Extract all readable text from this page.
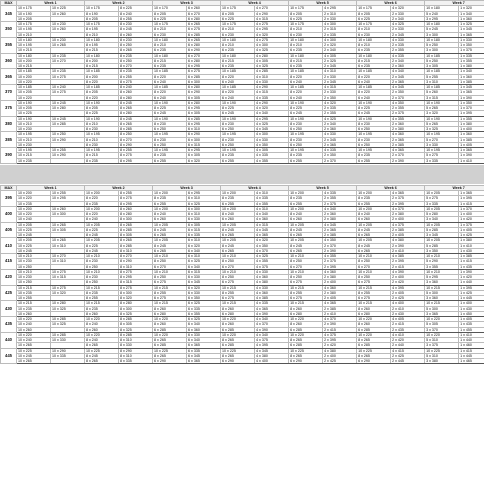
MAX	Week 1		Week 2		Week 3		Week 4		Week 5		Week 6		Week 7	
345	10 x 175	10 x 225	10 x 175	8 x 225	10 x 170	6 x 260	10 x 175	4 x 270	10 x 175	4 x 295	10 x 175	4 x 320	10 x 180	1 x 320
	10 x 190	10 x 260	8 x 190	8 x 240	8 x 205	6 x 270	8 x 205	4 x 290	8 x 205	2 x 310	8 x 205	2 x 330	5 x 240	1 x 340
	10 x 205		8 x 205	8 x 255	6 x 225	6 x 280	6 x 225	4 x 315	6 x 225	2 x 330	6 x 225	2 x 340	3 x 295	1 x 360
350	10 x 175	10 x 230	10 x 175	8 x 230	10 x 175	6 x 265	10 x 175	4 x 275	10 x 175	4 x 300	10 x 175	4 x 325	10 x 180	1 x 325
	10 x 195	10 x 260	8 x 195	8 x 245	8 x 210	6 x 275	8 x 210	4 x 295	8 x 210	2 x 315	8 x 210	2 x 330	5 x 245	1 x 345
	10 x 210		8 x 210	8 x 260	6 x 230	6 x 285	6 x 230	4 x 320	6 x 230	2 x 335	6 x 230	2 x 345	3 x 300	1 x 365
355	10 x 180	10 x 230	10 x 180	8 x 230	10 x 180	6 x 265	10 x 180	4 x 275	10 x 180	4 x 300	10 x 180	4 x 330	10 x 180	1 x 330
	10 x 195	10 x 265	8 x 195	8 x 250	8 x 210	6 x 280	8 x 210	4 x 300	8 x 210	2 x 320	8 x 210	2 x 335	5 x 250	1 x 350
	10 x 215		8 x 215	8 x 265	6 x 235	6 x 290	6 x 235	4 x 325	6 x 235	2 x 340	6 x 235	2 x 355	3 x 300	1 x 375
360	10 x 180	10 x 235	10 x 180	8 x 235	10 x 180	6 x 270	10 x 180	4 x 280	10 x 180	4 x 305	10 x 180	4 x 335	10 x 185	1 x 335
	10 x 200	10 x 270	8 x 200	8 x 250	8 x 215	6 x 280	8 x 215	4 x 305	8 x 215	2 x 325	8 x 215	2 x 340	5 x 250	1 x 355
	10 x 215		8 x 215	8 x 270	6 x 235	6 x 295	6 x 235	4 x 325	6 x 235	2 x 345	6 x 235	2 x 360	3 x 305	1 x 380
365	10 x 185	10 x 235	10 x 185	8 x 235	10 x 185	6 x 275	10 x 185	4 x 285	10 x 185	4 x 310	10 x 185	4 x 340	10 x 185	1 x 340
	10 x 200	10 x 275	8 x 200	8 x 255	8 x 220	6 x 285	8 x 220	4 x 310	8 x 220	2 x 330	8 x 220	2 x 345	5 x 255	1 x 360
	10 x 220		8 x 220	8 x 275	6 x 240	6 x 300	6 x 240	4 x 330	6 x 240	2 x 345	6 x 240	2 x 365	3 x 310	1 x 385
370	10 x 185	10 x 240	10 x 185	8 x 240	10 x 185	6 x 280	10 x 185	4 x 290	10 x 185	4 x 315	10 x 185	4 x 345	10 x 185	1 x 345
	10 x 205	10 x 275	8 x 205	8 x 260	8 x 220	6 x 290	8 x 220	4 x 315	8 x 220	2 x 330	8 x 220	2 x 350	5 x 260	1 x 365
	10 x 220		8 x 220	8 x 280	6 x 240	6 x 305	6 x 240	4 x 335	6 x 240	2 x 350	6 x 240	2 x 370	3 x 315	1 x 390
375	10 x 190	10 x 245	10 x 190	8 x 245	10 x 190	6 x 280	10 x 190	4 x 290	10 x 190	4 x 320	10 x 190	4 x 350	10 x 190	1 x 350
	10 x 205	10 x 280	8 x 205	8 x 265	8 x 225	6 x 295	8 x 225	4 x 320	8 x 225	2 x 335	8 x 225	2 x 355	5 x 265	1 x 370
	10 x 225		8 x 225	8 x 280	6 x 245	6 x 305	6 x 245	4 x 340	6 x 245	2 x 355	6 x 245	2 x 375	3 x 320	1 x 395
380	10 x 190	10 x 245	10 x 190	8 x 245	10 x 190	6 x 285	10 x 190	4 x 295	10 x 190	4 x 325	10 x 190	4 x 355	10 x 190	1 x 355
	10 x 210	10 x 285	8 x 210	8 x 265	8 x 230	6 x 295	8 x 230	4 x 325	8 x 230	2 x 340	8 x 230	2 x 360	5 x 265	1 x 380
	10 x 230		8 x 230	8 x 285	6 x 250	6 x 310	6 x 250	4 x 345	6 x 250	2 x 360	6 x 250	2 x 380	3 x 325	1 x 400
385	10 x 195	10 x 250	10 x 195	8 x 250	10 x 195	6 x 290	10 x 195	4 x 300	10 x 195	4 x 330	10 x 195	4 x 360	10 x 195	1 x 360
	10 x 210	10 x 290	8 x 210	8 x 270	8 x 230	6 x 300	8 x 230	4 x 330	8 x 230	2 x 345	8 x 230	2 x 365	5 x 270	1 x 385
	10 x 230		8 x 230	8 x 290	6 x 250	6 x 315	6 x 250	4 x 350	6 x 250	2 x 365	6 x 250	2 x 385	3 x 330	1 x 405
390	10 x 195	10 x 255	10 x 195	8 x 255	10 x 195	6 x 295	10 x 195	4 x 305	10 x 195	4 x 335	10 x 195	4 x 365	10 x 195	1 x 365
	10 x 215	10 x 290	8 x 215	8 x 275	8 x 235	6 x 305	8 x 235	4 x 335	8 x 235	2 x 350	8 x 235	2 x 370	5 x 275	1 x 390
	10 x 235		8 x 235	8 x 295	6 x 255	6 x 320	6 x 255	4 x 355	6 x 255	2 x 370	6 x 255	2 x 390	3 x 335	1 x 410
MAX	Week 1		Week 2		Week 3		Week 4		Week 5		Week 6		Week 7	
395	10 x 200	10 x 255	10 x 200	8 x 255	10 x 200	6 x 295	10 x 200	4 x 310	10 x 200	4 x 335	10 x 200	4 x 365	10 x 205	1 x 365
	10 x 220	10 x 295	8 x 220	8 x 275	8 x 235	6 x 310	8 x 235	4 x 335	8 x 235	2 x 355	8 x 235	2 x 375	5 x 275	1 x 395
	10 x 235		8 x 235	8 x 295	6 x 255	6 x 325	6 x 255	4 x 355	6 x 255	2 x 375	6 x 255	2 x 395	3 x 335	1 x 415
400	10 x 200	10 x 260	10 x 200	8 x 260	10 x 200	6 x 300	10 x 200	4 x 310	10 x 200	4 x 340	10 x 200	4 x 370	10 x 205	1 x 370
	10 x 220	10 x 300	8 x 220	8 x 280	8 x 240	6 x 310	8 x 240	4 x 340	8 x 240	2 x 360	8 x 240	2 x 380	5 x 280	1 x 400
	10 x 240		8 x 240	8 x 300	6 x 260	6 x 330	6 x 260	4 x 360	6 x 260	2 x 380	6 x 260	2 x 400	3 x 340	1 x 420
405	10 x 205	10 x 265	10 x 205	8 x 265	10 x 205	6 x 305	10 x 205	4 x 315	10 x 205	4 x 345	10 x 205	4 x 375	10 x 205	1 x 375
	10 x 225	10 x 305	8 x 225	8 x 285	8 x 245	6 x 315	8 x 245	4 x 345	8 x 245	2 x 365	8 x 245	2 x 385	5 x 285	1 x 405
	10 x 245		8 x 245	8 x 305	6 x 265	6 x 335	6 x 265	4 x 365	6 x 265	2 x 385	6 x 265	2 x 405	3 x 345	1 x 425
410	10 x 205	10 x 265	10 x 205	8 x 265	10 x 205	6 x 310	10 x 205	4 x 320	10 x 205	4 x 350	10 x 205	4 x 380	10 x 205	1 x 380
	10 x 225	10 x 310	8 x 225	8 x 285	8 x 245	6 x 320	8 x 245	4 x 350	8 x 245	2 x 370	8 x 245	2 x 390	5 x 285	1 x 410
	10 x 245		8 x 245	8 x 310	6 x 265	6 x 340	6 x 265	4 x 370	6 x 265	2 x 390	6 x 265	2 x 410	3 x 350	1 x 430
415	10 x 210	10 x 270	10 x 210	8 x 270	10 x 210	6 x 310	10 x 210	4 x 325	10 x 210	4 x 355	10 x 210	4 x 385	10 x 210	1 x 385
	10 x 230	10 x 310	8 x 230	8 x 290	8 x 250	6 x 325	8 x 250	4 x 355	8 x 250	2 x 375	8 x 250	2 x 395	5 x 290	1 x 415
	10 x 250		8 x 250	8 x 310	6 x 270	6 x 340	6 x 270	4 x 375	6 x 270	2 x 395	6 x 270	2 x 415	3 x 355	1 x 435
420	10 x 210	10 x 275	10 x 210	8 x 275	10 x 210	6 x 315	10 x 210	4 x 330	10 x 210	4 x 360	10 x 210	4 x 390	10 x 210	1 x 390
	10 x 230	10 x 315	8 x 230	8 x 295	8 x 250	6 x 330	8 x 250	4 x 360	8 x 250	2 x 380	8 x 250	2 x 400	5 x 295	1 x 420
	10 x 250		8 x 250	8 x 315	6 x 275	6 x 345	6 x 275	4 x 380	6 x 275	2 x 400	6 x 275	2 x 420	3 x 360	1 x 440
425	10 x 215	10 x 275	10 x 215	8 x 275	10 x 215	6 x 320	10 x 215	4 x 330	10 x 215	4 x 360	10 x 215	4 x 395	10 x 215	1 x 395
	10 x 235	10 x 320	8 x 235	8 x 300	8 x 255	6 x 330	8 x 255	4 x 360	8 x 255	2 x 380	8 x 255	2 x 405	5 x 300	1 x 425
	10 x 255		8 x 255	8 x 320	6 x 275	6 x 350	6 x 275	4 x 385	6 x 275	2 x 405	6 x 275	2 x 425	3 x 360	1 x 445
430	10 x 215	10 x 280	10 x 215	8 x 280	10 x 215	6 x 325	10 x 215	4 x 335	10 x 215	4 x 365	10 x 215	4 x 400	10 x 215	1 x 400
	10 x 235	10 x 325	8 x 235	8 x 300	8 x 260	6 x 335	8 x 260	4 x 365	8 x 260	2 x 385	8 x 260	2 x 410	5 x 300	1 x 430
	10 x 260		8 x 260	8 x 325	6 x 280	6 x 355	6 x 280	4 x 390	6 x 280	2 x 410	6 x 280	2 x 430	3 x 365	1 x 450
435	10 x 220	10 x 285	10 x 220	8 x 285	10 x 220	6 x 325	10 x 220	4 x 340	10 x 220	4 x 370	10 x 220	4 x 405	10 x 220	1 x 405
	10 x 240	10 x 325	8 x 240	8 x 305	8 x 260	6 x 340	8 x 260	4 x 370	8 x 260	2 x 390	8 x 260	2 x 415	5 x 305	1 x 435
	10 x 260		8 x 260	8 x 325	6 x 285	6 x 360	6 x 285	4 x 390	6 x 285	2 x 415	6 x 285	2 x 435	3 x 370	1 x 455
440	10 x 220	10 x 285	10 x 220	8 x 285	10 x 220	6 x 330	10 x 220	4 x 340	10 x 220	4 x 375	10 x 220	4 x 410	10 x 220	1 x 410
	10 x 240	10 x 330	8 x 240	8 x 310	8 x 265	6 x 340	8 x 265	4 x 375	8 x 265	2 x 395	8 x 265	2 x 420	5 x 310	1 x 440
	10 x 265		8 x 265	8 x 330	6 x 285	6 x 365	6 x 285	4 x 395	6 x 285	2 x 420	6 x 285	2 x 440	3 x 375	1 x 460
445	10 x 225	10 x 290	10 x 225	8 x 290	10 x 225	6 x 335	10 x 225	4 x 345	10 x 225	4 x 380	10 x 225	4 x 415	10 x 225	1 x 415
	10 x 245	10 x 335	8 x 245	8 x 310	8 x 265	6 x 345	8 x 265	4 x 380	8 x 265	2 x 400	8 x 265	2 x 425	5 x 310	1 x 445
	10 x 265		8 x 265	8 x 335	6 x 290	6 x 365	6 x 290	4 x 400	6 x 290	2 x 425	6 x 290	2 x 445	3 x 380	1 x 465
